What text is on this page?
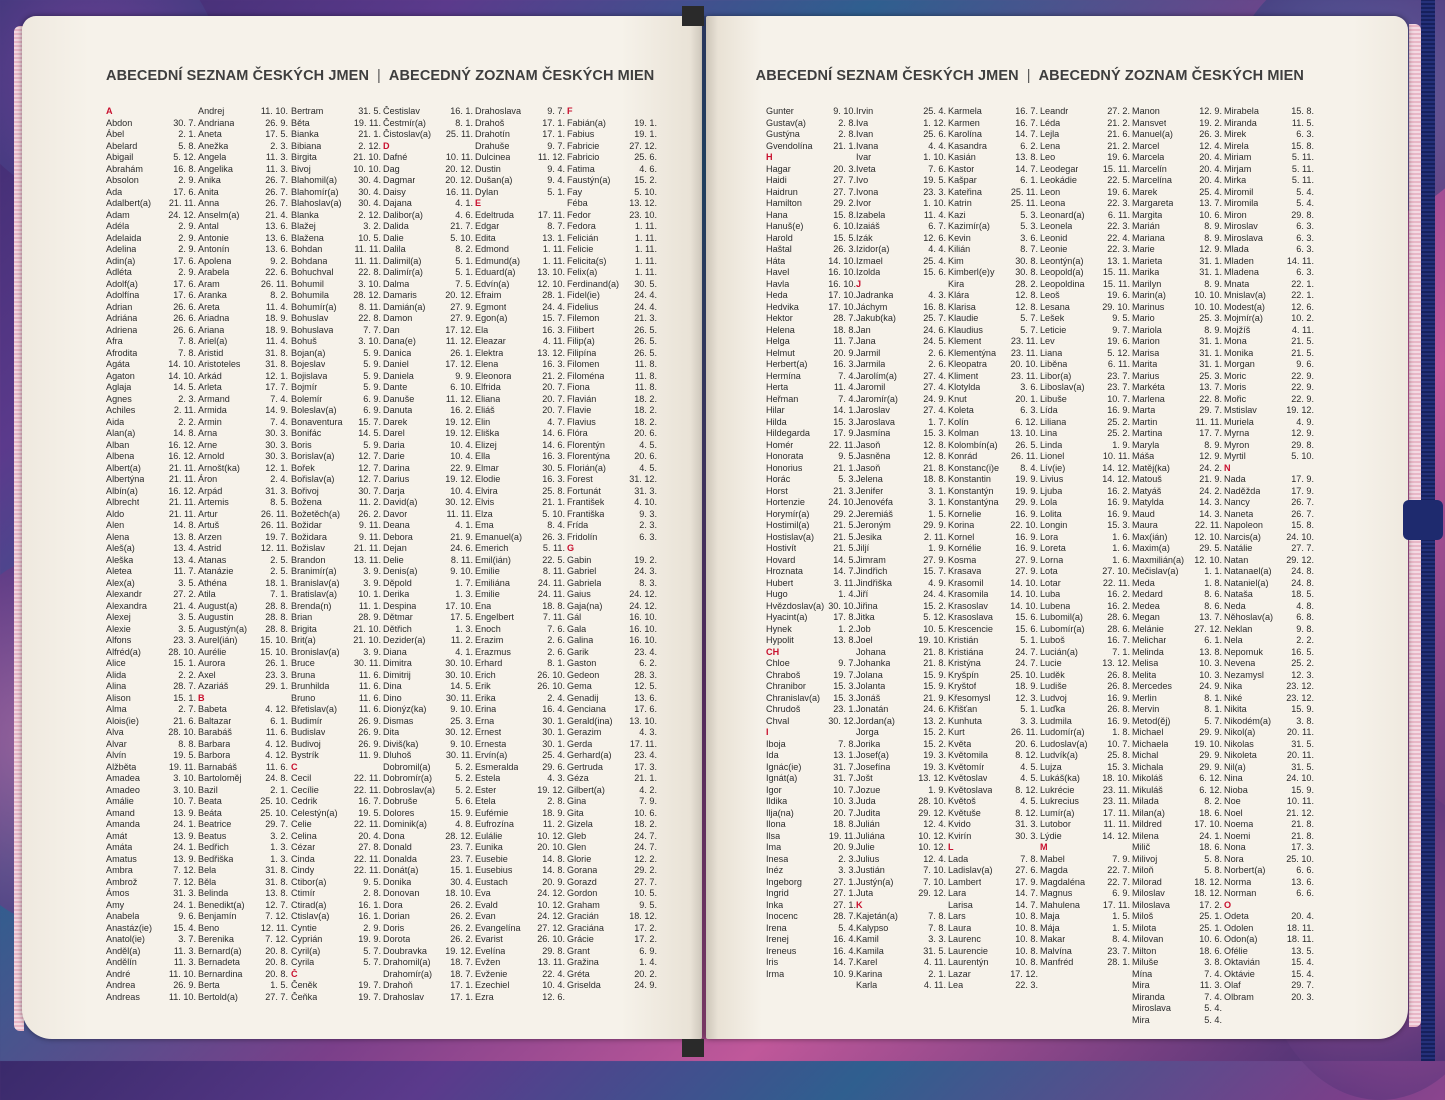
ABECEDNÍ SEZNAM ČESKÝCH JMEN | ABECEDNÝ ZOZNAM ČESKÝCH MIEN
A
Abdon	30. 7.
Ábel	2. 1.
Abelard	5. 8.
Abigail	5. 12.
Abrahám	16. 8.
Absolon	2. 9.
Ada	17. 6.
Adalbert(a) 21. 11.
Adam	24. 12.
Adéla	2. 9.
Adelaida	2. 9.
Adelina	2. 9.
Adin(a)	17. 6.
Adléta	2. 9.
Adolf(a)	17. 6.
Adolfína	17. 6.
Adrian	26. 6.
Adriána	26. 6.
Adriena	26. 6.
Afra	7. 8.
Afrodita	7. 8.
Agáta	14. 10.
Agaton	14. 10.
Aglaja	14. 5.
Agnes	2. 3.
Achiles	2. 11.
Aida	2. 2.
Alan(a)	14. 8.
Alban	16. 12.
Albena	16. 12.
Albert(a)	21. 11.
Albertýna	21. 11.
Albín(a)	16. 12.
Albrecht	21. 11.
Aldo	21. 11.
Alen	14. 8.
Alena	13. 8.
Aleš(a)	13. 4.
Aleška	13. 4.
Aletea	11. 7.
Alex(a)	3. 5.
Alexandr	27. 2.
Alexandra	21. 4.
Alexej	3. 5.
Alexie	3. 5.
Alfons	23. 3.
Alfréd(a)	28. 10.
Alice	15. 1.
Alida	2. 2.
Alina	28. 7.
Alison	15. 1.
Alma	2. 7.
Alois(ie)	21. 6.
Alva	28. 10.
Alvar	8. 8.
Alvín	19. 5.
Alžběta	19. 11.
Amadea	3. 10.
Amadeo	3. 10.
Amálie	10. 7.
Amand	13. 9.
Amanda	24. 1.
Amát	13. 9.
Amáta	24. 1.
Amatus	13. 9.
Ambra	7. 12.
Ambrož	7. 12.
Ámos	31. 3.
Amy	24. 1.
Anabela	9. 6.
Anastáz(ie) 15. 4.
Anatol(ie)	3. 7.
Anděl(a)	11. 3.
Andělín	11. 3.
André	11. 10.
Andrea	26. 9.
Andreas	11. 10.
Andrej	11. 10.
Andriana	26. 9.
Aneta	17. 5.
Anežka	2. 3.
Angela	11. 3.
Angelika	11. 3.
Anika	26. 7.
Anita	26. 7.
Anna	26. 7.
Anselm(a)	21. 4.
Antal	13. 6.
Antonie	13. 6.
Antonín	13. 6.
Apolena	9. 2.
Arabela	22. 6.
Aram	26. 11.
Aranka	8. 2.
Areta	11. 4.
Ariadna	18. 9.
Ariana	18. 9.
Ariel(a)	11. 4.
Aristid	31. 8.
Aristoteles	31. 8.
Arkád	12. 1.
Arleta	17. 7.
Armand	7. 4.
Armida	14. 9.
Armin	7. 4.
Arna	30. 3.
Arne	30. 3.
Arnold	30. 3.
Arnošt(ka)	12. 1.
Áron	2. 4.
Arpád	31. 3.
Artemis	8. 5.
Artur	26. 11.
Artuš	26. 11.
Arzen	19. 7.
Astrid	12. 11.
Atanas	2. 5.
Atanázie	2. 5.
Athéna	18. 1.
Atila	7. 1.
August(a)	28. 8.
Augustin	28. 8.
Augustýn(a) 28. 8.
Aurel(ián)	15. 10.
Aurélie	15. 10.
Aurora	26. 1.
Axel	23. 3.
Azariáš	29. 1.
B
Babeta	4. 12.
Baltazar	6. 1.
Barabáš	11. 6.
Barbara	4. 12.
Barbora	4. 12.
Barnabáš	11. 6.
Bartoloměj	24. 8.
Bazil	2. 1.
Beata	25. 10.
Beáta	25. 10.
Beatrice	29. 7.
Beatus	3. 2.
Bedřich	1. 3.
Bedřiška	1. 3.
Bela	31. 8.
Běla	31. 8.
Belinda	13. 8.
Benedikt(a) 12. 7.
Benjamín	7. 12.
Beno	12. 11.
Berenika	7. 12.
Bernard(a)	20. 8.
Bernadeta	20. 8.
Bernardina 20. 8.
Berta	1. 5.
Bertold(a)	27. 7.
Bertram	31. 5.
Běta	19. 11.
Bianka	21. 1.
Bibiana	2. 12.
Birgita	21. 10.
Bivoj	10. 10.
Blahomil(a) 30. 4.
Blahomír(a) 30. 4.
Blahoslav(a) 30. 4.
Blanka	2. 12.
Blažej	3. 2.
Blažena	10. 5.
Bohdan	11. 11.
Bohdana	11. 11.
Bohuchval	22. 8.
Bohumil	3. 10.
Bohumila	28. 12.
Bohumír(a) 8. 11.
Bohuslav	22. 8.
Bohuslava	7. 7.
Bohuš	3. 10.
Bojan(a)	5. 9.
Bojeslav	5. 9.
Bojislava	5. 9.
Bojmír	5. 9.
Bolemír	6. 9.
Boleslav(a)	6. 9.
Bonaventura 15. 7.
Bonifác	14. 5.
Boris	5. 9.
Borislav(a)	12. 7.
Bořek	12. 7.
Bořislav(a)	12. 7.
Bořivoj	30. 7.
Božena	11. 2.
Božetěch(a) 26. 2.
Božidar	9. 11.
Božidara	9. 11.
Božislav	21. 11.
Brandon	13. 11.
Branimír(a)	3. 9.
Branislav(a)	3. 9.
Bratislav(a) 10. 1.
Brenda(n)	11. 1.
Brian	28. 9.
Brigita	21. 10.
Brit(a)	21. 10.
Bronislav(a)	3. 9.
Bruce	30. 11.
Bruna	11. 6.
Brunhilda	11. 6.
Bruno	11. 6.
Břetislav(a) 11. 6.
Budimír	26. 9.
Budislav	26. 9.
Budivoj	26. 9.
Bystrík	11. 9.
C
Cecil	22. 11.
Cecílie	22. 11.
Cedrik	16. 7.
Celestýn(a) 19. 5.
Celie	22. 11.
Celina	20. 4.
Cézar	27. 8.
Cinda	22. 11.
Cindy	22. 11.
Ctibor(a)	9. 5.
Ctimír	2. 8.
Ctirad(a)	16. 1.
Ctislav(a)	16. 1.
Cyntie	2. 9.
Cyprián	19. 9.
Cyril(a)	5. 7.
Cyrila	5. 7.
Č
Čeněk	19. 7.
Čeňka	19. 7.
Čestislav	16. 1.
Čestmír(a)	8. 1.
Čistoslav(a) 25. 11.
D
Dafné	10. 11.
Dag	20. 12.
Dagmar	20. 12.
Daisy	16. 11.
Dajana	4. 1.
Dalibor(a)	4. 6.
Dalida	21. 7.
Dalie	5. 10.
Dalila	8. 2.
Dalimil(a)	5. 1.
Dalimír(a)	5. 1.
Dalma	7. 5.
Damaris	20. 12.
Damián(a)	27. 9.
Damon	27. 9.
Dan	17. 12.
Dana(e)	11. 12.
Danica	26. 1.
Daniel	17. 12.
Daniela	9. 9.
Dante	6. 10.
Danuše	11. 12.
Danuta	16. 2.
Darek	19. 12.
Darel	19. 12.
Daria	10. 4.
Darie	10. 4.
Darina	22. 9.
Darius	19. 12.
Darja	10. 4.
David(a)	30. 12.
Davor	11. 11.
Deana	4. 1.
Debora	21. 9.
Dejan	24. 6.
Delie	8. 11.
Denis(a)	9. 10.
Děpold	1. 7.
Derika	1. 3.
Despina	17. 10.
Dětmar	17. 5.
Dětřich	1. 3.
Dezider(a)	11. 2.
Diana	4. 1.
Dimitra	30. 10.
Dimitrij	30. 10.
Dina	14. 5.
Dino	30. 11.
Dionýz(ka)	9. 10.
Dismas	25. 3.
Dita	30. 12.
Diviš(ka)	9. 10.
Dluhoš	30. 11.
Dobromil(a)	5. 2.
Dobromír(a)	5. 2.
Dobroslav(a) 5. 2.
Dobruše	5. 6.
Dolores	15. 9.
Dominik(a)	4. 8.
Dona	28. 12.
Donald	23. 7.
Donalda	23. 7.
Donát(a)	15. 1.
Donika	30. 4.
Donovan	18. 10.
Dora	26. 2.
Dorian	26. 2.
Doris	26. 2.
Dorota	26. 2.
Doubravka 19. 12.
Drahomil(a) 18. 7.
Drahomír(a) 18. 7.
Drahoň	17. 1.
Drahoslav	17. 1.
Drahoslava	9. 7.
Drahoš	17. 1.
Drahotín	17. 1.
Drahuše	9. 7.
Dulcinea	11. 12.
Dustin	9. 4.
Dušan(a)	9. 4.
Dylan	5. 1.
E
Edeltruda	17. 11.
Edgar	8. 7.
Edita	13. 1.
Edmond	1. 11.
Edmund(a)	1. 11.
Eduard(a) 13. 10.
Edvín(a)	12. 10.
Efraim	28. 1.
Egmont	24. 4.
Egon(a)	15. 7.
Ela	16. 3.
Eleazar	4. 11.
Elektra	13. 12.
Elena	16. 3.
Eleonora	21. 2.
Elfrida	20. 7.
Eliana	20. 7.
Eliáš	20. 7.
Elin	4. 7.
Eliška	14. 6.
Elizej	14. 6.
Ella	16. 3.
Elmar	30. 5.
Elodie	16. 3.
Elvira	25. 8.
Elvis	21. 1.
Elza	5. 10.
Ema	8. 4.
Emanuel(a) 26. 3.
Emerich	5. 11.
Emil(ián)	22. 5.
Emilie	8. 11.
Emiliána	24. 11.
Emilie	24. 11.
Ena	18. 8.
Engelbert	7. 11.
Enoch	7. 6.
Erazim	2. 6.
Erazmus	2. 6.
Erhard	8. 1.
Erich	26. 10.
Erik	26. 10.
Erika	2. 4.
Erina	16. 4.
Erna	30. 1.
Ernest	30. 1.
Ernesta	30. 1.
Ervín(a)	25. 4.
Esmeralda	29. 6.
Estela	4. 3.
Ester	19. 12.
Etela	2. 8.
Eufémie	18. 9.
Eufrozína	11. 2.
Eulálie	10. 12.
Eunika	20. 10.
Eusebie	14. 8.
Eusebius	14. 8.
Eustach	20. 9.
Eva	24. 12.
Evald	10. 12.
Evan	24. 12.
Evangelína 27. 12.
Evarist	26. 10.
Evelína	29. 8.
Evžen	13. 11.
Evženie	22. 4.
Ezechiel	10. 4.
Ezra	12. 6.
F
Fabián(a)	19. 1.
Fabius	19. 1.
Fabricie	27. 12.
Fabricio	25. 6.
Fatima	4. 6.
Faustýn(a)	15. 2.
Fay	5. 10.
Féba	13. 12.
Fedor	23. 10.
Fedora	1. 11.
Felicián	1. 11.
Felicie	1. 11.
Felicita(s)	1. 11.
Felix(a)	1. 11.
Ferdinand(a) 30. 5.
Fidel(ie)	24. 4.
Fidelius	24. 4.
Filemon	21. 3.
Filibert	26. 5.
Filip(a)	26. 5.
Filipína	26. 5.
Filomen	11. 8.
Filoména	11. 8.
Fiona	11. 8.
Flavián	18. 2.
Flavie	18. 2.
Flavius	18. 2.
Flóra	20. 6.
Florentýn	4. 5.
Florentýna	20. 6.
Florián(a)	4. 5.
Forest	31. 12.
Fortunát	31. 3.
František	4. 10.
Františka	9. 3.
Frída	2. 3.
Fridolín	6. 3.
G
Gabin	19. 2.
Gabriel	24. 3.
Gabriela	8. 3.
Gaius	24. 12.
Gaja(na)	24. 12.
Gál	16. 10.
Gala	16. 10.
Galina	16. 10.
Garik	23. 4.
Gaston	6. 2.
Gedeon	28. 3.
Gema	12. 5.
Genadij	13. 6.
Genciana	17. 6.
Gerald(ina) 13. 10.
Gerazim	4. 3.
Gerda	17. 11.
Gerhard(a)	23. 4.
Gertruda	17. 3.
Géza	21. 1.
Gilbert(a)	4. 2.
Gina	7. 9.
Gita	10. 6.
Gizela	18. 2.
Gleb	24. 7.
Glen	24. 7.
Glorie	12. 2.
Gorana	29. 2.
Gorazd	27. 7.
Gordon	10. 5.
Graham	9. 5.
Gracián	18. 12.
Graciána	17. 2.
Grácie	17. 2.
Grant	6. 9.
Gražina	1. 4.
Gréta	20. 2.
Griselda	24. 9.
ABECEDNÍ SEZNAM ČESKÝCH JMEN | ABECEDNÝ ZOZNAM ČESKÝCH MIEN
Gunter	9. 10.
Gustav(a)	2. 8.
Gustýna	2. 8.
Gvendolína 21. 1.
H
Hagar	20. 3.
Haidi	27. 7.
Haidrun	27. 7.
Hamilton	29. 2.
Hana	15. 8.
Hanuš(e)	6. 10.
Harold	15. 5.
Haštal	26. 3.
Háta	14. 10.
Havel	16. 10.
Havla	16. 10.
Heda	17. 10.
Hedvika	17. 10.
Hektor	28. 7.
Helena	18. 8.
Helga	11. 7.
Helmut	20. 9.
Herbert(a)	16. 3.
Hermína	7. 4.
Herta	11. 4.
Heřman	7. 4.
Hilar	14. 1.
Hilda	15. 3.
Hildegarda	17. 9.
Homér	22. 11.
Honorata	9. 5.
Honorius	21. 1.
Horác	5. 3.
Horst	21. 3.
Hortenzie	24. 10.
Horymír(a)	29. 2.
Hostimil(a)	21. 5.
Hostislav(a) 21. 5.
Hostivít	21. 5.
Hovard	14. 5.
Hroznata	14. 7.
Hubert	3. 11.
Hugo	1. 4.
Hvězdoslav(a) 30. 10.
Hyacint(a)	17. 8.
Hynek	1. 2.
Hypolit	13. 8.
CH
Chloe	9. 7.
Chraboš	19. 7.
Chranibor	15. 3.
Chranislav(a) 15. 3.
Chrudoš	23. 1.
Chval	30. 12.
I
Iboja	7. 8.
Ida	13. 1.
Ignác(ie)	31. 7.
Ignát(a)	31. 7.
Igor	10. 7.
Ildika	10. 3.
Ilja(na)	20. 7.
Ilona	18. 8.
Ilsa	19. 11.
Ima	20. 9.
Inesa	2. 3.
Inéz	3. 3.
Ingeborg	27. 1.
Ingrid	27. 1.
Inka	27. 1.
Inocenc	28. 7.
Irena	5. 4.
Irenej	16. 4.
Ireneus	16. 4.
Iris	14. 7.
Irma	10. 9.
Irvin	25. 4.
Iva	1. 12.
Ivan	25. 6.
Ivana	4. 4.
Ivar	1. 10.
Iveta	7. 6.
Ivo	19. 5.
Ivona	23. 3.
Ivor	1. 10.
Izabela	11. 4.
Izaiáš	6. 7.
Izák	12. 6.
Izidor(a)	4. 4.
Izmael	25. 4.
Izolda	15. 6.
J
Jadranka	4. 3.
Jáchym	16. 8.
Jakub(ka)	25. 7.
Jan	24. 6.
Jana	24. 5.
Jarmil	2. 6.
Jarmila	2. 6.
Jarolím(a)	27. 4.
Jaromil	27. 4.
Jaromír(a)	24. 9.
Jaroslav	27. 4.
Jaroslava	1. 7.
Jasmína	15. 3.
Jasoň	12. 8.
Jasněna	12. 8.
Jasoň	21. 8.
Jelena	18. 8.
Jenifer	3. 1.
Jenovéfa	3. 1.
Jeremiáš	1. 5.
Jeroným	29. 9.
Jesika	2. 11.
Jiljí	1. 9.
Jimram	27. 9.
Jindřich	15. 7.
Jindřiška	4. 9.
Jiří	24. 4.
Jiřina	15. 2.
Jitka	5. 12.
Job	10. 5.
Joel	19. 10.
Johana	21. 8.
Johanka	21. 8.
Jolana	15. 9.
Jolanta	15. 9.
Jonáš	21. 9.
Jonatán	24. 6.
Jordan(a)	13. 2.
Jorga	15. 2.
Jorika	15. 2.
Josef(a)	19. 3.
Josefína	19. 3.
Jošt	13. 12.
Jozue	1. 9.
Juda	28. 10.
Judita	29. 12.
Julián	12. 4.
Juliána	10. 12.
Julie	10. 12.
Julius	12. 4.
Justián	7. 10.
Justýn(a)	7. 10.
Juta	29. 12.
K
Kajetán(a)	7. 8.
Kalypso	7. 8.
Kamil	3. 3.
Kamila	31. 5.
Karel	4. 11.
Karina	2. 1.
Karla	4. 11.
Karmela	16. 7.
Karmen	16. 7.
Karolína	14. 7.
Kasandra	6. 2.
Kasián	13. 8.
Kastor	14. 7.
Kašpar	6. 1.
Kateřina	25. 11.
Katrin	25. 11.
Kazi	5. 3.
Kazimír(a)	5. 3.
Kevin	3. 6.
Kilián	8. 7.
Kim	30. 8.
Kimberl(e)y 30. 8.
Kira	28. 2.
Klára	12. 8.
Klarisa	12. 8.
Klaudie	5. 7.
Klaudius	5. 7.
Klement	23. 11.
Klementýna 23. 11.
Kleopatra	20. 10.
Kliment	23. 11.
Klotylda	3. 6.
Knut	20. 1.
Koleta	6. 3.
Kolín	6. 12.
Kolman	13. 10.
Kolombín(a) 26. 5.
Konrád	26. 11.
Konstanc(i)e 8. 4.
Konstantin	19. 9.
Konstantýn 19. 9.
Konstantýna 29. 9.
Kornelie	16. 9.
Korina	22. 10.
Kornel	16. 9.
Kornélie	16. 9.
Kosma	27. 9.
Krasava	27. 9.
Krasomil	14. 10.
Krasomila 14. 10.
Krasoslav 14. 10.
Krasoslava 15. 6.
Krescencie 15. 6.
Kristián	5. 1.
Kristiána	24. 7.
Kristýna	24. 7.
Kryšpín	25. 10.
Kryštof	18. 9.
Křesomysl	12. 3.
Křišťan	5. 1.
Kunhuta	3. 3.
Kurt	26. 11.
Květa	20. 6.
Květomila	8. 12.
Květomír	4. 5.
Květoslav	4. 5.
Květoslava	8. 12.
Květoš	4. 5.
Květuše	8. 12.
Kvido	31. 3.
Kvirín	30. 3.
L
Lada	7. 8.
Ladislav(a)	27. 6.
Lambert	17. 9.
Lara	14. 7.
Larisa	14. 7.
Lars	10. 8.
Laura	10. 8.
Laurenc	10. 8.
Laurencie	10. 8.
Laurentýn	10. 8.
Lazar	17. 12.
Lea	22. 3.
Leandr	27. 2.
Léda	21. 2.
Lejla	21. 6.
Lena	21. 2.
Leo	19. 6.
Leodegar	15. 11.
Leokádie	22. 5.
Leon	19. 6.
Leona	22. 3.
Leonard(a)	6. 11.
Leonela	22. 3.
Leonid	22. 4.
Leonie	22. 3.
Leontýn(a)	13. 1.
Leopold(a) 15. 11.
Leopoldina 15. 11.
Leoš	19. 6.
Lesana	29. 10.
Lešek	9. 5.
Leticie	9. 7.
Lev	19. 6.
Liana	5. 12.
Liběna	6. 11.
Libor(a)	23. 7.
Liboslav(a)	23. 7.
Libuše	10. 7.
Lída	16. 9.
Liliana	25. 2.
Lina	25. 2.
Linda	1. 9.
Lionel	10. 11.
Lív(ie)	14. 12.
Livius	14. 12.
Ljuba	16. 2.
Lola	16. 9.
Lolita	16. 9.
Longin	15. 3.
Lora	1. 6.
Loreta	1. 6.
Lorna	1. 6.
Lota	27. 10.
Lotar	22. 11.
Luba	16. 2.
Lubena	16. 2.
Lubomil(a)	28. 6.
Lubomír(a)	28. 6.
Luboš	16. 7.
Lucián(a)	7. 1.
Lucie	13. 12.
Luděk	26. 8.
Ludiše	26. 8.
Ludvoj	16. 9.
Luďka	26. 8.
Ludmila	16. 9.
Ludomír(a)	1. 8.
Ludoslav(a) 10. 7.
Ludvík(a)	25. 8.
Lujza	15. 3.
Lukáš(ka) 18. 10.
Lukrécie	23. 11.
Lukrecius	23. 11.
Lumír(a)	17. 11.
Lutobor	11. 11.
Lýdie	14. 12.
M
Mabel	7. 9.
Magda	22. 7.
Magdaléna 22. 7.
Magnus	6. 9.
Mahulena	17. 11.
Maja	1. 5.
Mája	1. 5.
Makar	8. 4.
Malvína	23. 7.
Manfréd	28. 1.
Manon	12. 9.
Mansvet	19. 2.
Manuel(a)	26. 3.
Marcel	12. 4.
Marcela	20. 4.
Marcelín	20. 4.
Marcelína	20. 4.
Marek	25. 4.
Margareta	13. 7.
Margita	10. 6.
Marián	8. 9.
Mariana	8. 9.
Marie	12. 9.
Marieta	31. 1.
Marika	31. 1.
Marilyn	8. 9.
Marin(a)	10. 10.
Marinus	10. 10.
Mario	25. 3.
Mariola	8. 9.
Marion	31. 1.
Marisa	31. 1.
Marita	31. 1.
Marius	25. 3.
Markéta	13. 7.
Marlena	22. 8.
Marta	29. 7.
Martin	11. 11.
Martina	17. 7.
Maryla	8. 9.
Máša	12. 9.
Matěj(ka)	24. 2.
Matouš	21. 9.
Matyáš	24. 2.
Matylda	14. 3.
Maud	14. 3.
Maura	22. 11.
Max(ián)	12. 10.
Maxim(a)	29. 5.
Maxmilián(a) 12. 10.
Mečislav(a)	1. 1.
Meda	1. 8.
Medard	8. 6.
Medea	8. 6.
Megan	13. 7.
Melánie	27. 12.
Melichar	6. 1.
Melinda	13. 8.
Melisa	10. 3.
Melita	10. 3.
Mercedes	24. 9.
Merlin	8. 1.
Mervin	8. 1.
Metod(ěj)	5. 7.
Michael	29. 9.
Michaela	19. 10.
Michal	29. 9.
Michala	29. 9.
Mikoláš	6. 12.
Mikuláš	6. 12.
Milada	8. 2.
Milan(a)	18. 6.
Mildred	17. 10.
Milena	24. 1.
Milič	18. 6.
Milivoj	5. 8.
Miloň	5. 8.
Milorad	18. 12.
Miloslav	18. 12.
Miloslava	17. 2.
Miloš	25. 1.
Milota	25. 1.
Milovan	10. 6.
Milton	18. 6.
Miluše	3. 8.
Mína	7. 4.
Mira	11. 3.
Miranda	7. 4.
Miroslava	5. 4.
Mira	5. 4.
Mirabela	15. 8.
Miranda	11. 5.
Mirek	6. 3.
Mirela	15. 8.
Miriam	5. 11.
Mirjam	5. 11.
Mirka	5. 11.
Miromil	5. 4.
Miromila	5. 4.
Miron	29. 8.
Miroslav	6. 3.
Miroslava	6. 3.
Mlada	6. 3.
Mladen	14. 11.
Mladena	6. 3.
Mnata	22. 1.
Mnislav(a)	22. 1.
Modest(a)	12. 6.
Mojmír(a)	10. 2.
Mojžíš	4. 11.
Mona	21. 5.
Monika	21. 5.
Morgan	9. 6.
Moric	22. 9.
Moris	22. 9.
Mořic	22. 9.
Mstislav	19. 12.
Muriela	4. 9.
Myrna	12. 9.
Myron	29. 8.
Myrtil	5. 10.
N
Nada	17. 9.
Naděžda	17. 9.
Nancy	26. 7.
Naneta	26. 7.
Napoleon	15. 8.
Narcis(a)	24. 10.
Natálie	27. 7.
Natan	29. 12.
Natanael(a) 24. 8.
Nataniel(a)	24. 8.
Nataša	18. 5.
Neda	4. 8.
Něhoslav(a)	6. 8.
Neklan	9. 8.
Nela	2. 2.
Nepomuk	16. 5.
Nevena	25. 2.
Nezamysl	12. 3.
Nika	23. 12.
Niké	23. 12.
Nikita	15. 9.
Nikodém(a)	3. 8.
Nikol(a)	20. 11.
Nikolas	31. 5.
Nikoleta	20. 11.
Nil(a)	31. 5.
Nina	24. 10.
Nioba	15. 9.
Noe	10. 11.
Noel	21. 12.
Noema	21. 8.
Noemi	21. 8.
Nona	17. 3.
Nora	25. 10.
Norbert(a)	6. 6.
Norma	13. 6.
Norman	6. 6.
O
Odeta	20. 4.
Odolen	18. 11.
Odon(a)	18. 11.
Ofélie	13. 5.
Oktavián	15. 4.
Oktávie	15. 4.
Olaf	29. 7.
Olbram	20. 3.
